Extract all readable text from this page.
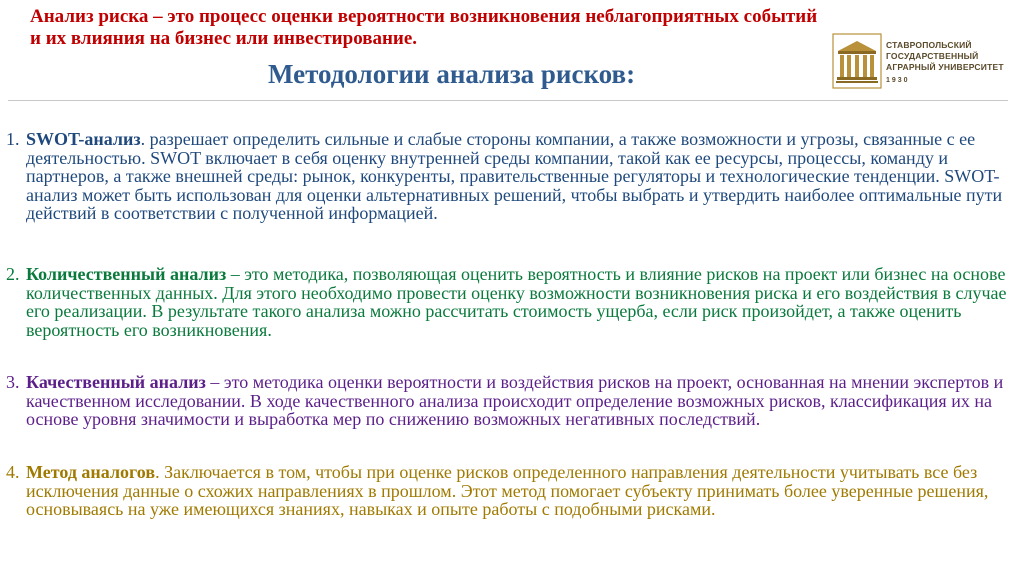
Анализ риска – это процесс оценки вероятности возникновения неблагоприятных событий и их влияния на бизнес или инвестирование.
Методологии анализа рисков:
СТАВРОПОЛЬСКИЙ
ГОСУДАРСТВЕННЫЙ
АГРАРНЫЙ УНИВЕРСИТЕТ
1930
1. SWOT-анализ. разрешает определить сильные и слабые стороны компании, а также возможности и угрозы, связанные с ее деятельностью. SWOT включает в себя оценку внутренней среды компании, такой как ее ресурсы, процессы, команду и партнеров, а также внешней среды: рынок, конкуренты, правительственные регуляторы и технологические тенденции. SWOT-анализ может быть использован для оценки альтернативных решений, чтобы выбрать и утвердить наиболее оптимальные пути действий в соответствии с полученной информацией.
2. Количественный анализ – это методика, позволяющая оценить вероятность и влияние рисков на проект или бизнес на основе количественных данных. Для этого необходимо провести оценку возможности возникновения риска и его воздействия в случае его реализации. В результате такого анализа можно рассчитать стоимость ущерба, если риск произойдет, а также оценить вероятность его возникновения.
3. Качественный анализ – это методика оценки вероятности и воздействия рисков на проект, основанная на мнении экспертов и качественном исследовании. В ходе качественного анализа происходит определение возможных рисков, классификация их на основе уровня значимости и выработка мер по снижению возможных негативных последствий.
4. Метод аналогов. Заключается в том, чтобы при оценке рисков определенного направления деятельности учитывать все без исключения данные о схожих направлениях в прошлом. Этот метод помогает субъекту принимать более уверенные решения, основываясь на уже имеющихся знаниях, навыках и опыте работы с подобными рисками.
